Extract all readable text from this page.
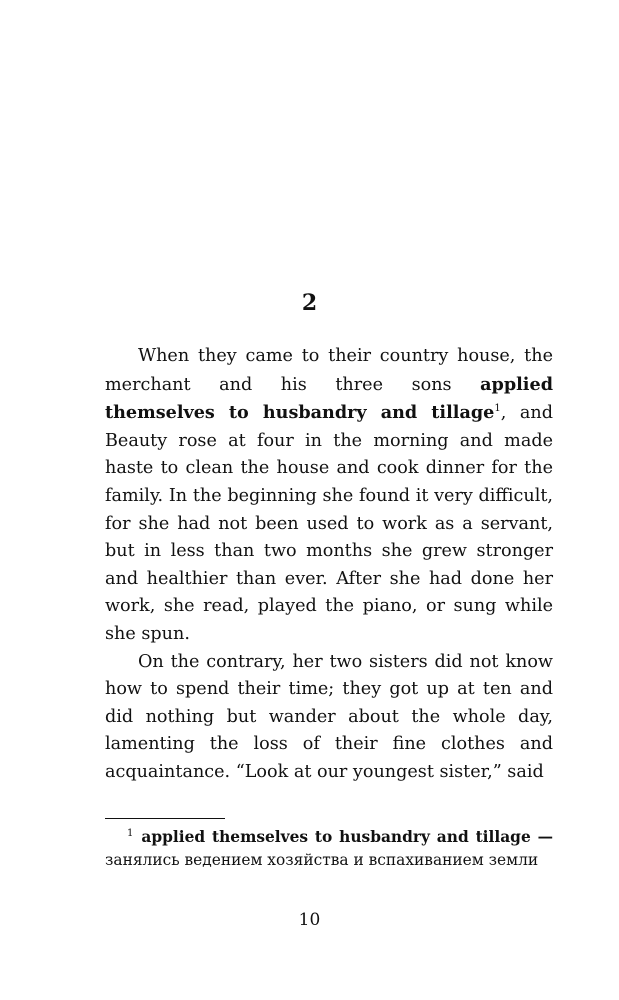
2

When they came to their country house, the merchant and his three sons applied themselves to husbandry and tillage$^1$, and Beauty rose at four in the morning and made haste to clean the house and cook dinner for the family. In the beginning she found it very difficult, for she had not been used to work as a servant, but in less than two months she grew stronger and healthier than ever. After she had done her work, she read, played the piano, or sung while she spun.

On the contrary, her two sisters did not know how to spend their time; they got up at ten and did nothing but wander about the whole day, lamenting the loss of their fine clothes and acquaintance. “Look at our youngest sister,” said

$^1$ applied themselves to husbandry and tillage — занялись ведением хозяйства и вспахиванием земли

10
